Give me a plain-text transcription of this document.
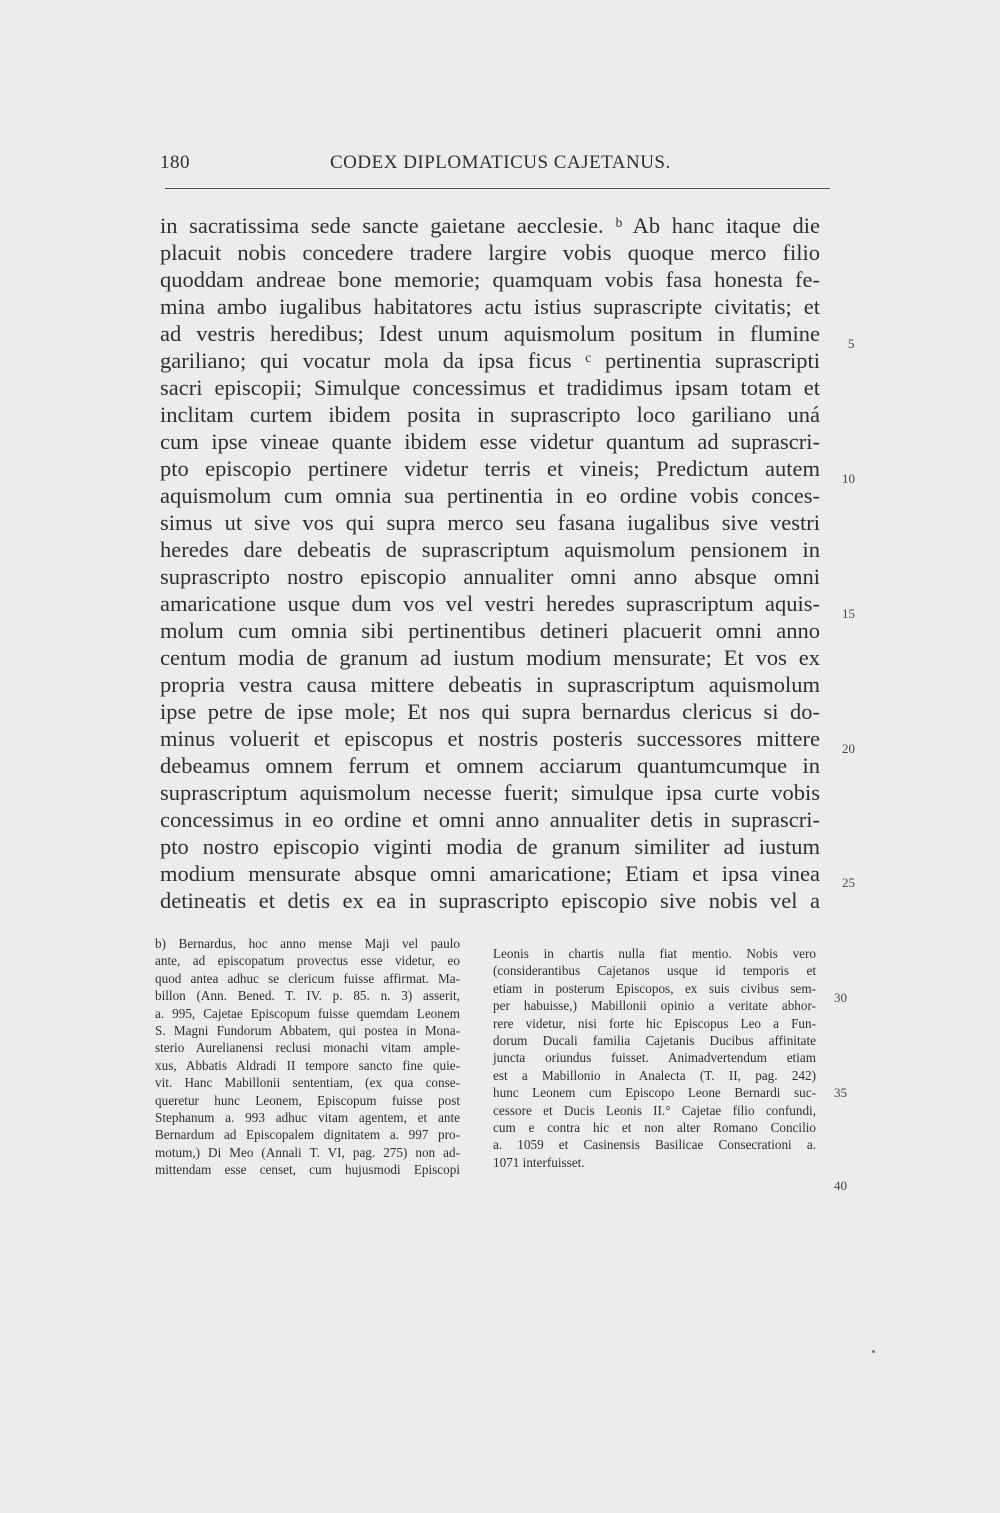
180	CODEX DIPLOMATICUS CAJETANUS.
in sacratissima sede sancte gaietane aecclesie. ᵇ Ab hanc itaque die
placuit nobis concedere tradere largire vobis quoque merco filio
quoddam andreae bone memorie; quamquam vobis fasa honesta fe-
mina ambo iugalibus habitatores actu istius suprascripte civitatis; et
ad vestris heredibus; Idest unum aquismolum positum in flumine
gariliano; qui vocatur mola da ipsa ficus ᶜ pertinentia suprascripti
sacri episcopii; Simulque concessimus et tradidimus ipsam totam et
inclitam curtem ibidem posita in suprascripto loco gariliano uná
cum ipse vineae quante ibidem esse videtur quantum ad suprascri-
pto episcopio pertinere videtur terris et vineis; Predictum autem
aquismolum cum omnia sua pertinentia in eo ordine vobis conces-
simus ut sive vos qui supra merco seu fasana iugalibus sive vestri
heredes dare debeatis de suprascriptum aquismolum pensionem in
suprascripto nostro episcopio annualiter omni anno absque omni
amaricatione usque dum vos vel vestri heredes suprascriptum aquis-
molum cum omnia sibi pertinentibus detineri placuerit omni anno
centum modia de granum ad iustum modium mensurate; Et vos ex
propria vestra causa mittere debeatis in suprascriptum aquismolum
ipse petre de ipse mole; Et nos qui supra bernardus clericus si do-
minus voluerit et episcopus et nostris posteris successores mittere
debeamus omnem ferrum et omnem acciarum quantumcumque in
suprascriptum aquismolum necesse fuerit; simulque ipsa curte vobis
concessimus in eo ordine et omni anno annualiter detis in suprascri-
pto nostro episcopio viginti modia de granum similiter ad iustum
modium mensurate absque omni amaricatione; Etiam et ipsa vinea
detineatis et detis ex ea in suprascripto episcopio sive nobis vel a
5
10
15
20
25
30
35
40
b) Bernardus, hoc anno mense Maji vel paulo
ante, ad episcopatum provectus esse videtur, eo
quod antea adhuc se clericum fuisse affirmat. Ma-
billon (Ann. Bened. T. IV. p. 85. n. 3) asserit,
a. 995, Cajetae Episcopum fuisse quemdam Leonem
S. Magni Fundorum Abbatem, qui postea in Mona-
sterio Aurelianensi reclusi monachi vitam ample-
xus, Abbatis Aldradi II tempore sancto fine quie-
vit. Hanc Mabillonii sententiam, (ex qua conse-
queretur hunc Leonem, Episcopum fuisse post
Stephanum a. 993 adhuc vitam agentem, et ante
Bernardum ad Episcopalem dignitatem a. 997 pro-
motum,) Di Meo (Annali T. VI, pag. 275) non ad-
mittendam esse censet, cum hujusmodi Episcopi
Leonis in chartis nulla fiat mentio. Nobis vero
(considerantibus Cajetanos usque id temporis et
etiam in posterum Episcopos, ex suis civibus sem-
per habuisse,) Mabillonii opinio a veritate abhor-
rere videtur, nisi forte hic Episcopus Leo a Fun-
dorum Ducali familia Cajetanis Ducibus affinitate
juncta oriundus fuisset. Animadvertendum etiam
est a Mabillonio in Analecta (T. II, pag. 242)
hunc Leonem cum Episcopo Leone Bernardi suc-
cessore et Ducis Leonis II.° Cajetae filio confundi,
cum e contra hic et non alter Romano Concilio
a. 1059 et Casinensis Basilicae Consecrationi a.
1071 interfuisset.
